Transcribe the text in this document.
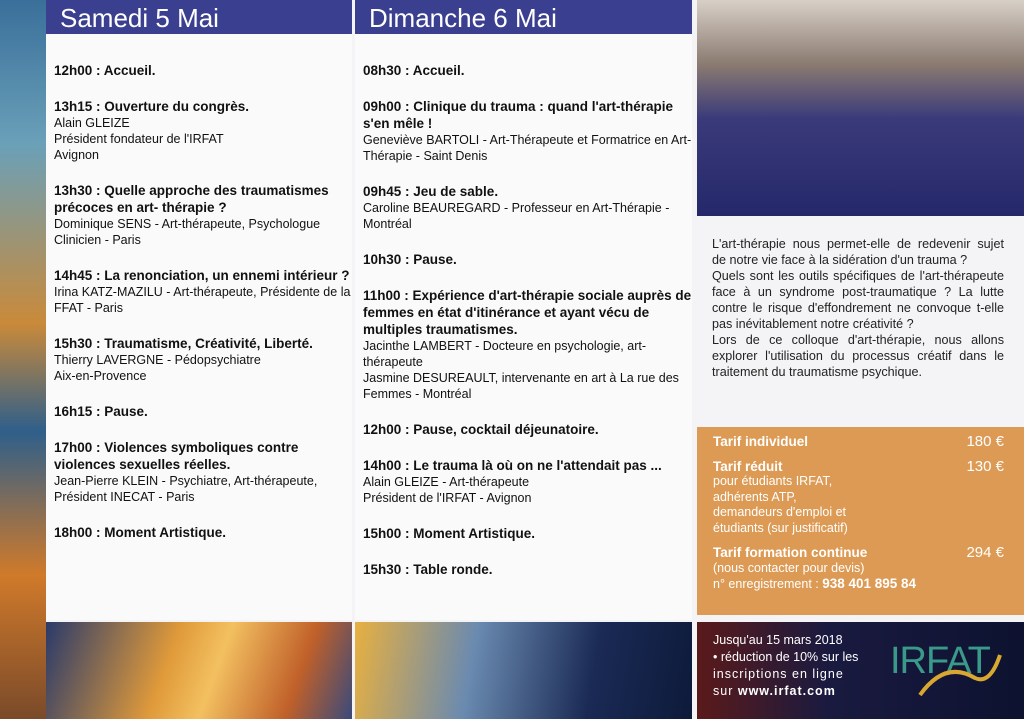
Samedi 5 Mai
12h00 : Accueil.
13h15 : Ouverture du congrès.
Alain GLEIZE
Président fondateur de l'IRFAT
Avignon
13h30 : Quelle approche des traumatismes précoces en art- thérapie ?
Dominique SENS - Art-thérapeute, Psychologue Clinicien - Paris
14h45 : La renonciation, un ennemi intérieur ?
Irina KATZ-MAZILU - Art-thérapeute, Présidente de la FFAT - Paris
15h30 : Traumatisme, Créativité, Liberté.
Thierry LAVERGNE - Pédopsychiatre
Aix-en-Provence
16h15 : Pause.
17h00 : Violences symboliques contre violences sexuelles réelles.
Jean-Pierre KLEIN - Psychiatre, Art-thérapeute, Président INECAT - Paris
18h00 : Moment Artistique.
Dimanche 6 Mai
08h30 : Accueil.
09h00 : Clinique du trauma : quand l'art-thérapie s'en mêle !
Geneviève BARTOLI - Art-Thérapeute et Formatrice en Art-Thérapie - Saint Denis
09h45 : Jeu de sable.
Caroline BEAUREGARD - Professeur en Art-Thérapie - Montréal
10h30 : Pause.
11h00 : Expérience d'art-thérapie sociale auprès de femmes en état d'itinérance et ayant vécu de multiples traumatismes.
Jacinthe LAMBERT - Docteure en psychologie, art-thérapeute
Jasmine DESUREAULT, intervenante en art à La rue des Femmes - Montréal
12h00 : Pause, cocktail déjeunatoire.
14h00 : Le trauma là où on ne l'attendait pas ...
Alain GLEIZE - Art-thérapeute
Président de l'IRFAT - Avignon
15h00 : Moment Artistique.
15h30 : Table ronde.

L'art-thérapie nous permet-elle de redevenir sujet de notre vie face à la sidération d'un trauma ?

Quels sont les outils spécifiques de l'art-thérapeute face à un syndrome post-traumatique ? La lutte contre le risque d'effondrement ne convoque t-elle pas inévitablement notre créativité ?

Lors de ce colloque d'art-thérapie, nous allons explorer l'utilisation du processus créatif dans le traitement du traumatisme psychique.

Tarif individuel	180 €
Tarif réduit	130 €
pour étudiants IRFAT,
adhérents ATP,
demandeurs d'emploi et
étudiants (sur justificatif)
Tarif formation continue	294 €
(nous contacter pour devis)
n° enregistrement : 938 401 895 84
Jusqu'au 15 mars 2018
• réduction de 10% sur les
inscriptions en ligne
sur www.irfat.com
IRFAT
